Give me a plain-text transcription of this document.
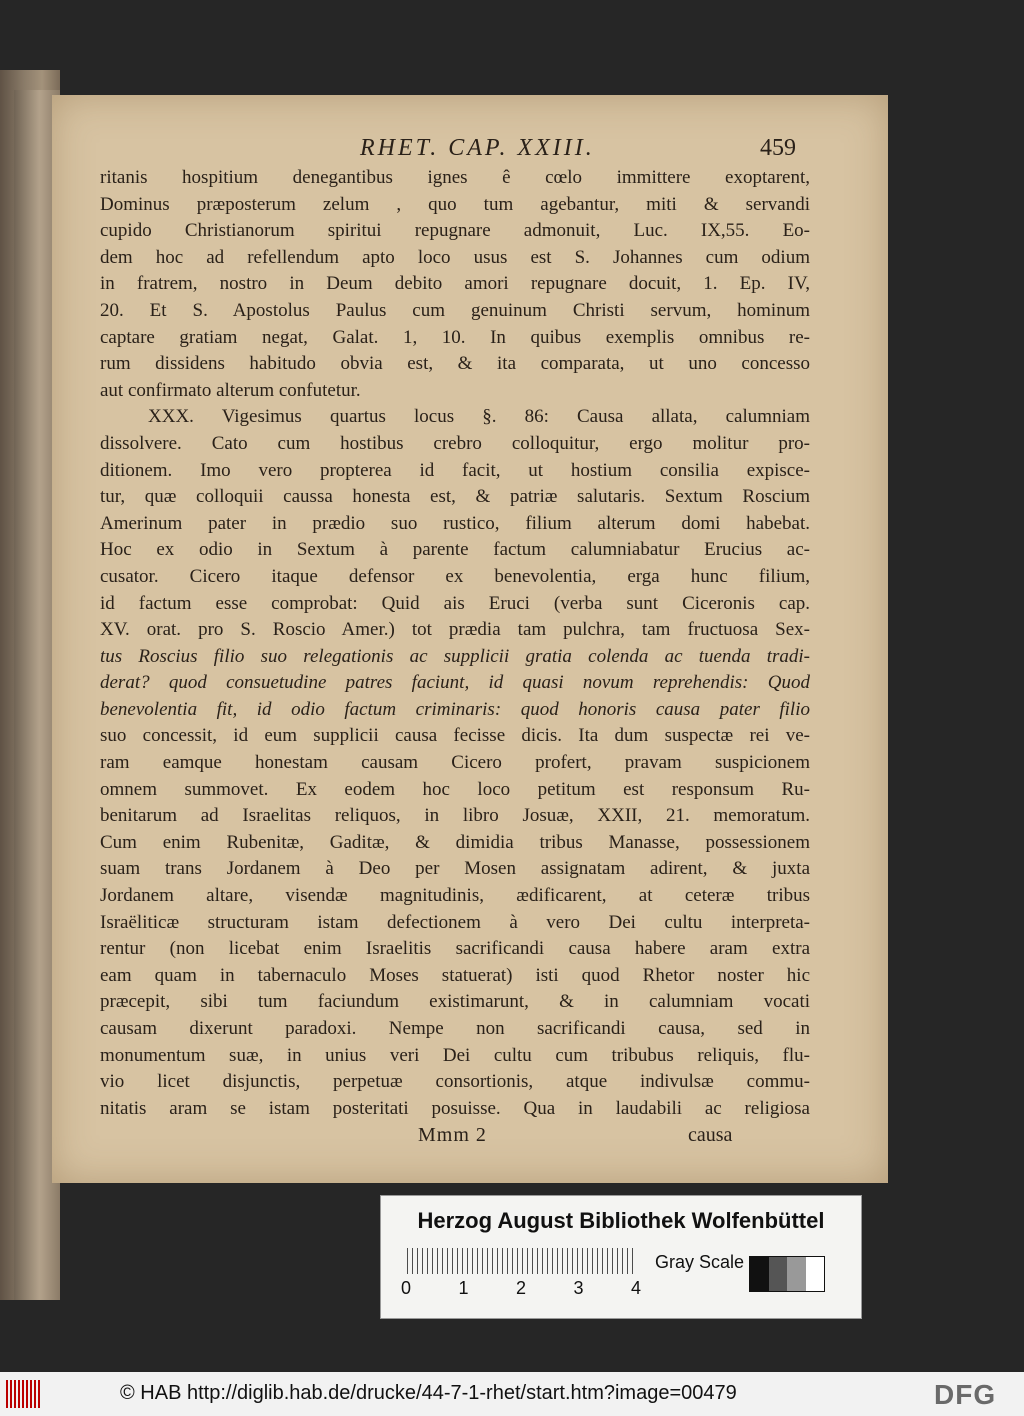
RHET. CAP. XXIII.	459
ritanis hospitium denegantibus ignes ê cœlo immittere exoptarent,
Dominus præposterum zelum , quo tum agebantur, miti & servandi
cupido Christianorum spiritui repugnare admonuit, Luc. IX,55. Eo-
dem hoc ad refellendum apto loco usus est S. Johannes cum odium
in fratrem, nostro in Deum debito amori repugnare docuit, 1. Ep. IV,
20. Et S. Apostolus Paulus cum genuinum Christi servum, hominum
captare gratiam negat, Galat. 1, 10. In quibus exemplis omnibus re-
rum dissidens habitudo obvia est, & ita comparata, ut uno concesso
aut confirmato alterum confutetur.
XXX. Vigesimus quartus locus §. 86: Causa allata, calumniam
dissolvere. Cato cum hostibus crebro colloquitur, ergo molitur pro-
ditionem. Imo vero propterea id facit, ut hostium consilia expisce-
tur, quæ colloquii caussa honesta est, & patriæ salutaris. Sextum Roscium
Amerinum pater in prædio suo rustico, filium alterum domi habebat.
Hoc ex odio in Sextum à parente factum calumniabatur Erucius ac-
cusator. Cicero itaque defensor ex benevolentia, erga hunc filium,
id factum esse comprobat: Quid ais Eruci (verba sunt Ciceronis cap.
XV. orat. pro S. Roscio Amer.) tot prædia tam pulchra, tam fructuosa Sex-
tus Roscius filio suo relegationis ac supplicii gratia colenda ac tuenda tradi-
derat? quod consuetudine patres faciunt, id quasi novum reprehendis: Quod
benevolentia fit, id odio factum criminaris: quod honoris causa pater filio
suo concessit, id eum supplicii causa fecisse dicis. Ita dum suspectæ rei ve-
ram eamque honestam causam Cicero profert, pravam suspicionem
omnem summovet. Ex eodem hoc loco petitum est responsum Ru-
benitarum ad Israelitas reliquos, in libro Josuæ, XXII, 21. memoratum.
Cum enim Rubenitæ, Gaditæ, & dimidia tribus Manasse, possessionem
suam trans Jordanem à Deo per Mosen assignatam adirent, & juxta
Jordanem altare, visendæ magnitudinis, ædificarent, at ceteræ tribus
Israëliticæ structuram istam defectionem à vero Dei cultu interpreta-
rentur (non licebat enim Israelitis sacrificandi causa habere aram extra
eam quam in tabernaculo Moses statuerat) isti quod Rhetor noster hic
præcepit, sibi tum faciundum existimarunt, & in calumniam vocati
causam dixerunt paradoxi. Nempe non sacrificandi causa, sed in
monumentum suæ, in unius veri Dei cultu cum tribubus reliquis, flu-
vio licet disjunctis, perpetuæ consortionis, atque indivulsæ commu-
nitatis aram se istam posteritati posuisse. Qua in laudabili ac religiosa
Mmm 2	causa
Herzog August Bibliothek Wolfenbüttel
0	1	2	3	4
Gray Scale
© HAB http://diglib.hab.de/drucke/44-7-1-rhet/start.htm?image=00479	DFG
